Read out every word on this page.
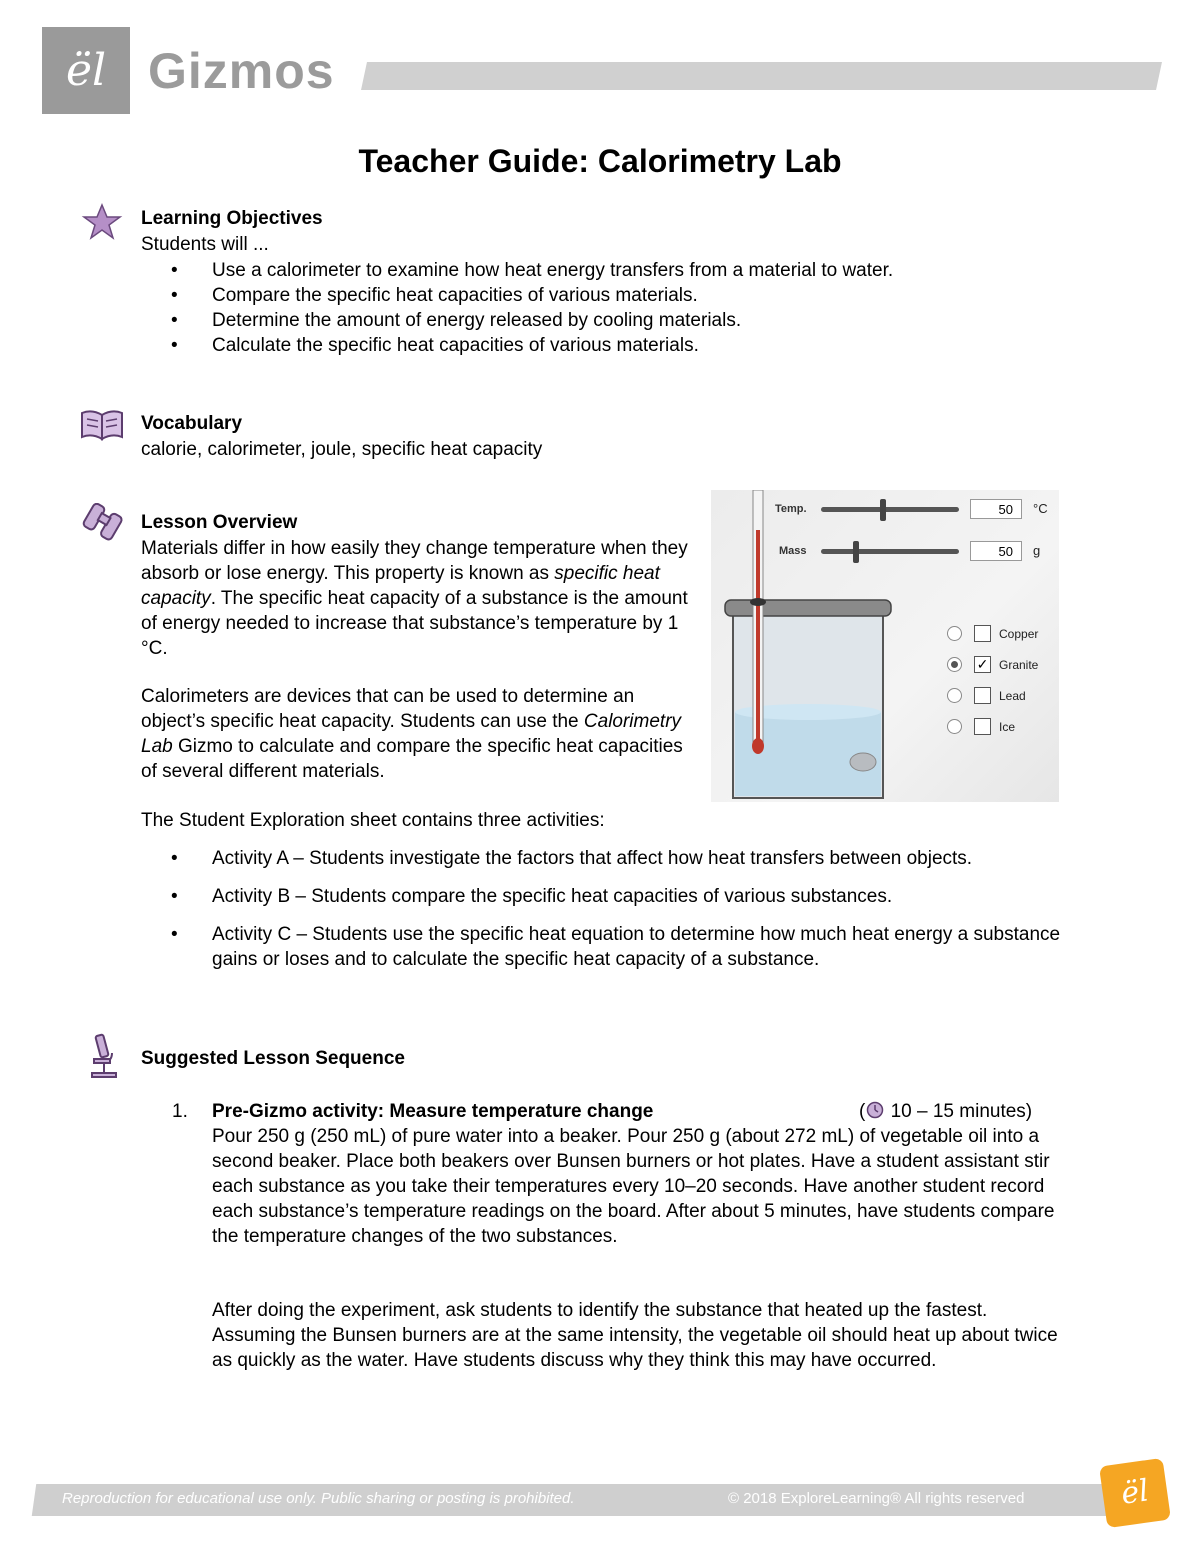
ël Gizmos
Teacher Guide: Calorimetry Lab
Learning Objectives
Students will ...
• Use a calorimeter to examine how heat energy transfers from a material to water.
• Compare the specific heat capacities of various materials.
• Determine the amount of energy released by cooling materials.
• Calculate the specific heat capacities of various materials.
Vocabulary
calorie, calorimeter, joule, specific heat capacity
Lesson Overview
Materials differ in how easily they change temperature when they absorb or lose energy. This property is known as specific heat capacity. The specific heat capacity of a substance is the amount of energy needed to increase that substance’s temperature by 1 °C.
Calorimeters are devices that can be used to determine an object’s specific heat capacity. Students can use the Calorimetry Lab Gizmo to calculate and compare the specific heat capacities of several different materials.
The Student Exploration sheet contains three activities:
• Activity A – Students investigate the factors that affect how heat transfers between objects.
• Activity B – Students compare the specific heat capacities of various substances.
• Activity C – Students use the specific heat equation to determine how much heat energy a substance gains or loses and to calculate the specific heat capacity of a substance.
Temp.	50	°C
Mass	50	g
Copper
✓ Granite
Lead
Ice
Suggested Lesson Sequence
1. Pre-Gizmo activity: Measure temperature change	( 10 – 15 minutes)
Pour 250 g (250 mL) of pure water into a beaker. Pour 250 g (about 272 mL) of vegetable oil into a second beaker. Place both beakers over Bunsen burners or hot plates. Have a student assistant stir each substance as you take their temperatures every 10–20 seconds. Have another student record each substance’s temperature readings on the board. After about 5 minutes, have students compare the temperature changes of the two substances.
After doing the experiment, ask students to identify the substance that heated up the fastest. Assuming the Bunsen burners are at the same intensity, the vegetable oil should heat up about twice as quickly as the water. Have students discuss why they think this may have occurred.
Reproduction for educational use only. Public sharing or posting is prohibited.	© 2018 ExploreLearning® All rights reserved	ël
